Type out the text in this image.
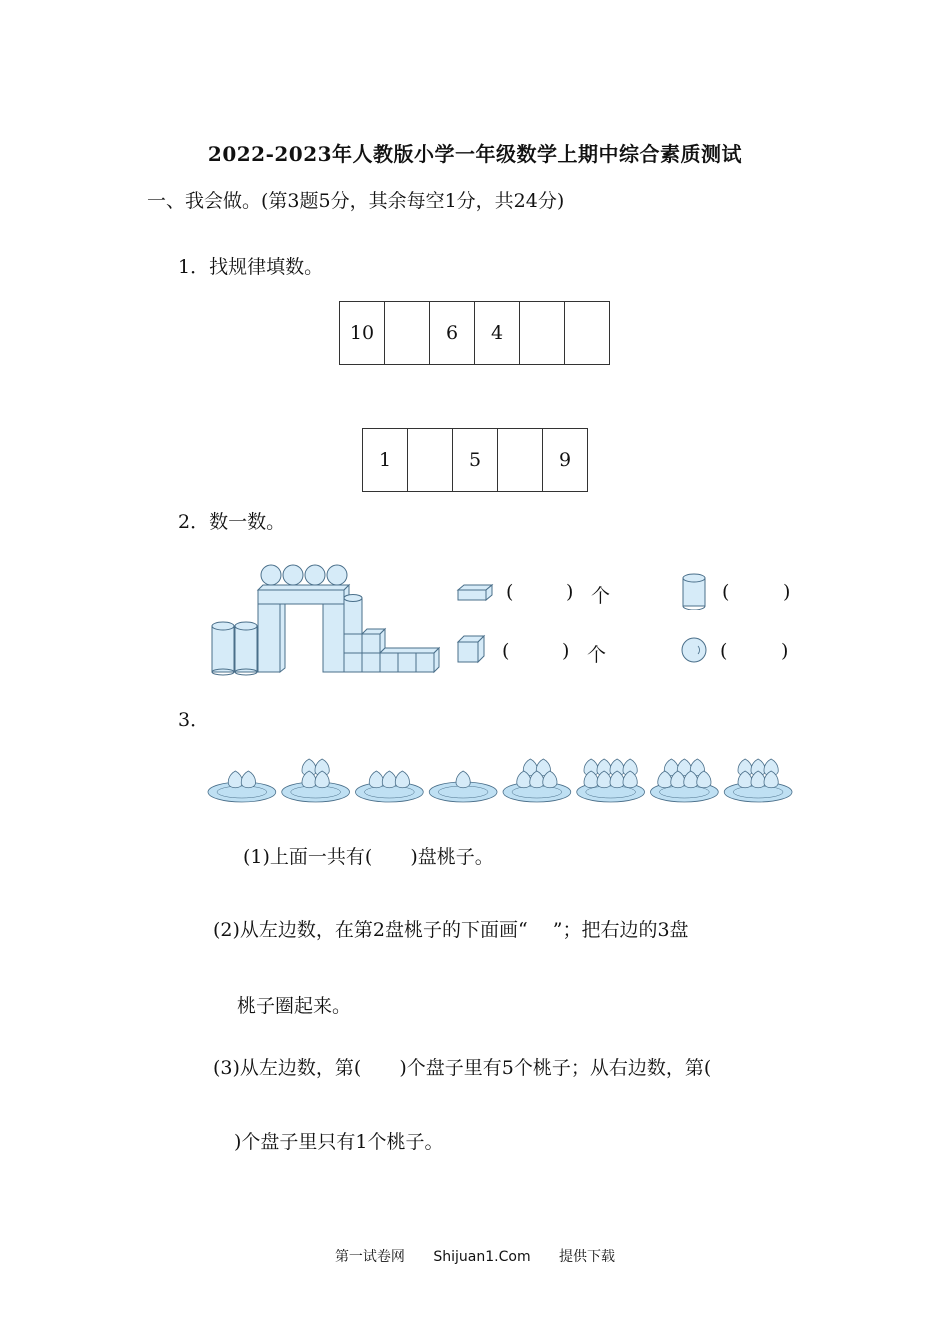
2022-2023年人教版小学一年级数学上期中综合素质测试
一、我会做。(第3题5分，其余每空1分，共24分)
1．找规律填数。
10		6	4		
1		5		9
2．数一数。
(	) 个	(	)
(	) 个	(	)
3．
(1)上面一共有(　　)盘桃子。
(2)从左边数，在第2盘桃子的下面画“　 ”；把右边的3盘
桃子圈起来。
(3)从左边数，第(　　)个盘子里有5个桃子；从右边数，第(
)个盘子里只有1个桃子。
第一试卷网 Shijuan1.Com 提供下载
